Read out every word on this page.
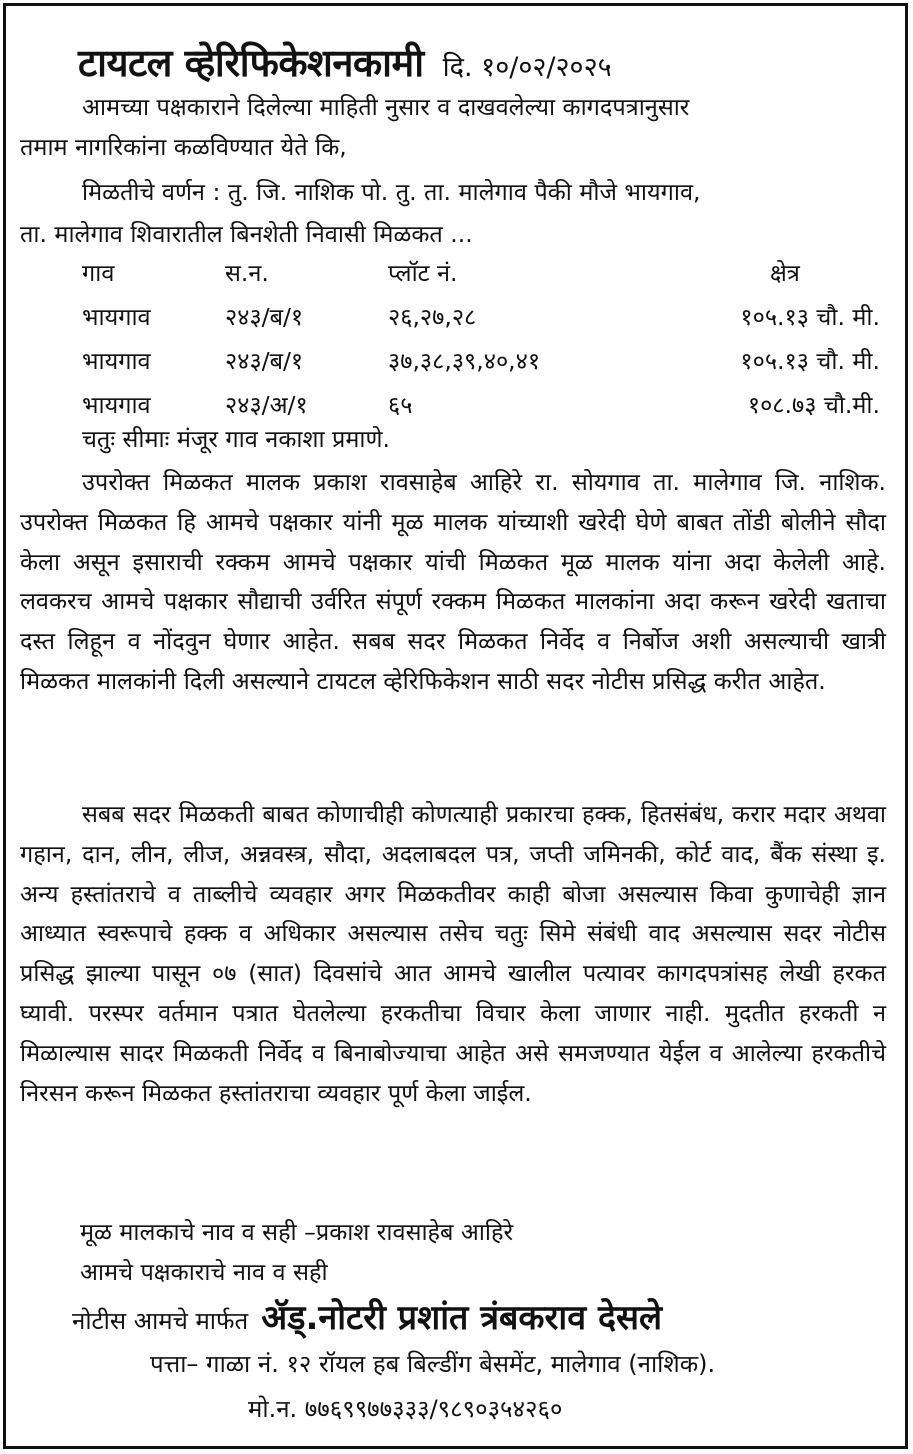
टायटल व्हेरिफिकेशनकामी दि. १०/०२/२०२५
आमच्या पक्षकाराने दिलेल्या माहिती नुसार व दाखवलेल्या कागदपत्रानुसार
तमाम नागरिकांना कळविण्यात येते कि,
मिळतीचे वर्णन : तु. जि. नाशिक पो. तु. ता. मालेगाव पैकी मौजे भायगाव,
ता. मालेगाव शिवारातील बिनशेती निवासी मिळकत ...
गाव	स.न.	प्लॉट नं.	क्षेत्र
भायगाव	२४३/ब/१	२६,२७,२८	१०५.१३ चौ. मी.
भायगाव	२४३/ब/१	३७,३८,३९,४०,४१	१०५.१३ चौ. मी.
भायगाव	२४३/अ/१	६५	१०८.७३ चौ.मी.
चतुः सीमाः मंजूर गाव नकाशा प्रमाणे.
उपरोक्त मिळकत मालक प्रकाश रावसाहेब आहिरे रा. सोयगाव ता. मालेगाव जि. नाशिक. उपरोक्त मिळकत हि आमचे पक्षकार यांनी मूळ मालक यांच्याशी खरेदी घेणे बाबत तोंडी बोलीने सौदा केला असून इसाराची रक्कम आमचे पक्षकार यांची मिळकत मूळ मालक यांना अदा केलेली आहे. लवकरच आमचे पक्षकार सौद्याची उर्वरित संपूर्ण रक्कम मिळकत मालकांना अदा करून खरेदी खताचा दस्त लिहून व नोंदवुन घेणार आहेत. सबब सदर मिळकत निर्वेद व निर्बोज अशी असल्याची खात्री मिळकत मालकांनी दिली असल्याने टायटल व्हेरिफिकेशन साठी सदर नोटीस प्रसिद्ध करीत आहेत.
सबब सदर मिळकती बाबत कोणाचीही कोणत्याही प्रकारचा हक्क, हितसंबंध, करार मदार अथवा गहान, दान, लीन, लीज, अन्नवस्त्र, सौदा, अदलाबदल पत्र, जप्ती जमिनकी, कोर्ट वाद, बैंक संस्था इ. अन्य हस्तांतराचे व ताब्लीचे व्यवहार अगर मिळकतीवर काही बोजा असल्यास किवा कुणाचेही ज्ञान आध्यात स्वरूपाचे हक्क व अधिकार असल्यास तसेच चतुः सिमे संबंधी वाद असल्यास सदर नोटीस प्रसिद्ध झाल्या पासून ०७ (सात) दिवसांचे आत आमचे खालील पत्यावर कागदपत्रांसह लेखी हरकत घ्यावी. परस्पर वर्तमान पत्रात घेतलेल्या हरकतीचा विचार केला जाणार नाही. मुदतीत हरकती न मिळाल्यास सादर मिळकती निर्वेद व बिनाबोज्याचा आहेत असे समजण्यात येईल व आलेल्या हरकतीचे निरसन करून मिळकत हस्तांतराचा व्यवहार पूर्ण केला जाईल.
मूळ मालकाचे नाव व सही –प्रकाश रावसाहेब आहिरे
आमचे पक्षकाराचे नाव व सही
नोटीस आमचे मार्फत ॲड्.नोटरी प्रशांत त्रंबकराव देसले
पत्ता– गाळा नं. १२ रॉयल हब बिल्डींग बेसमेंट, मालेगाव (नाशिक).
मो.न. ७७६९९७७३३३/९८९०३५४२६०
